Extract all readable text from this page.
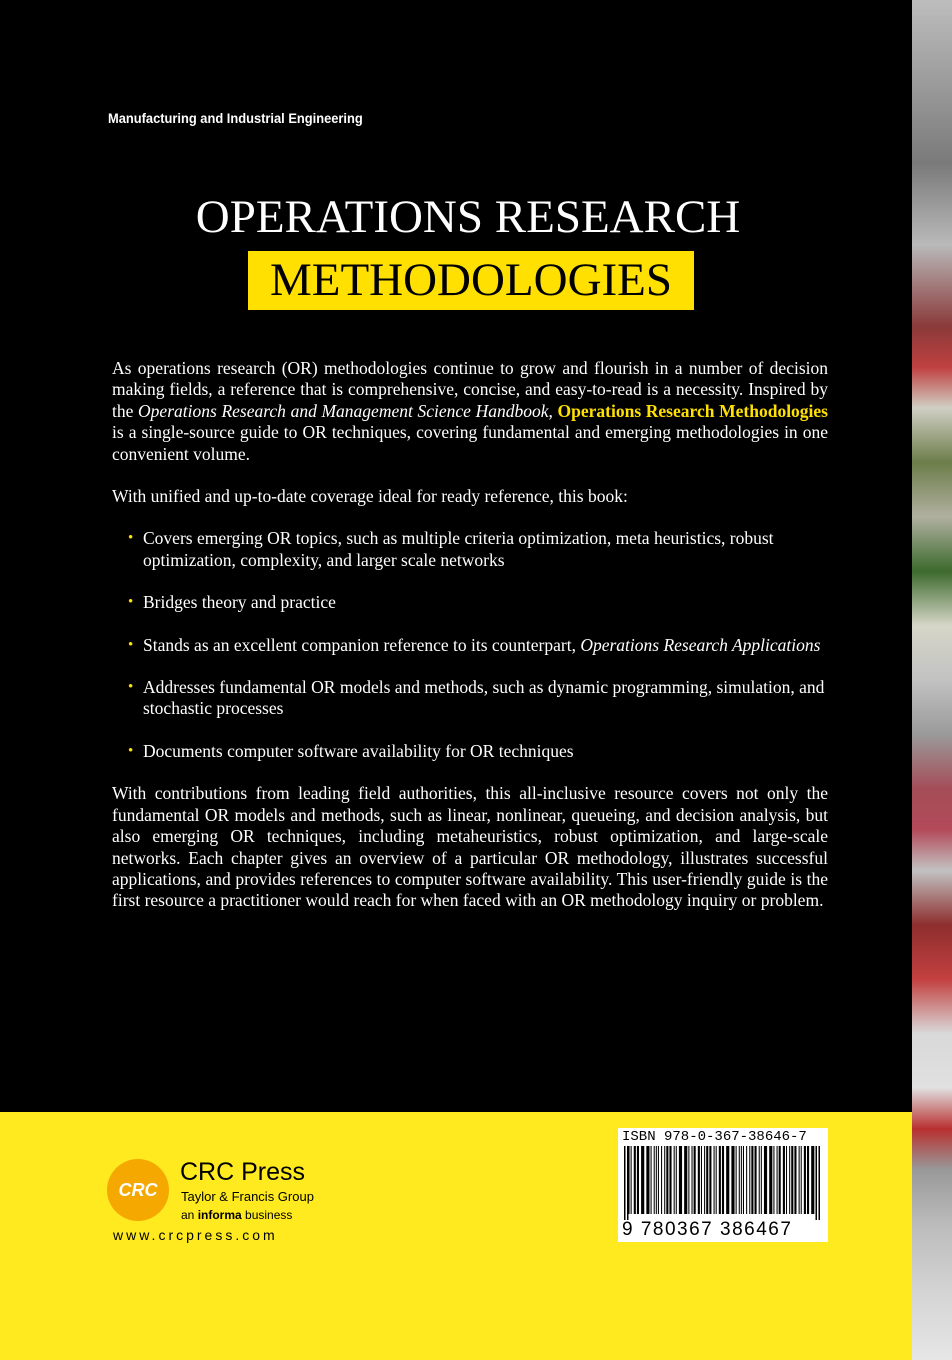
Manufacturing and Industrial Engineering
OPERATIONS RESEARCH
METHODOLOGIES

As operations research (OR) methodologies continue to grow and flourish in a number of decision making fields, a reference that is comprehensive, concise, and easy-to-read is a necessity. Inspired by the Operations Research and Management Science Handbook, Operations Research Methodologies is a single-source guide to OR techniques, covering fundamental and emerging methodologies in one convenient volume.

With unified and up-to-date coverage ideal for ready reference, this book:

• Covers emerging OR topics, such as multiple criteria optimization, meta heuristics, robust optimization, complexity, and larger scale networks
• Bridges theory and practice
• Stands as an excellent companion reference to its counterpart, Operations Research Applications
• Addresses fundamental OR models and methods, such as dynamic programming, simulation, and stochastic processes
• Documents computer software availability for OR techniques

With contributions from leading field authorities, this all-inclusive resource covers not only the fundamental OR models and methods, such as linear, nonlinear, queueing, and decision analysis, but also emerging OR techniques, including metaheuristics, robust optimization, and large-scale networks. Each chapter gives an overview of a particular OR methodology, illustrates successful applications, and provides references to computer software availability. This user-friendly guide is the first resource a practitioner would reach for when faced with an OR methodology inquiry or problem.

CRC
CRC Press
Taylor & Francis Group
an informa business
www.crcpress.com
ISBN 978-0-367-38646-7
9 780367 386467
